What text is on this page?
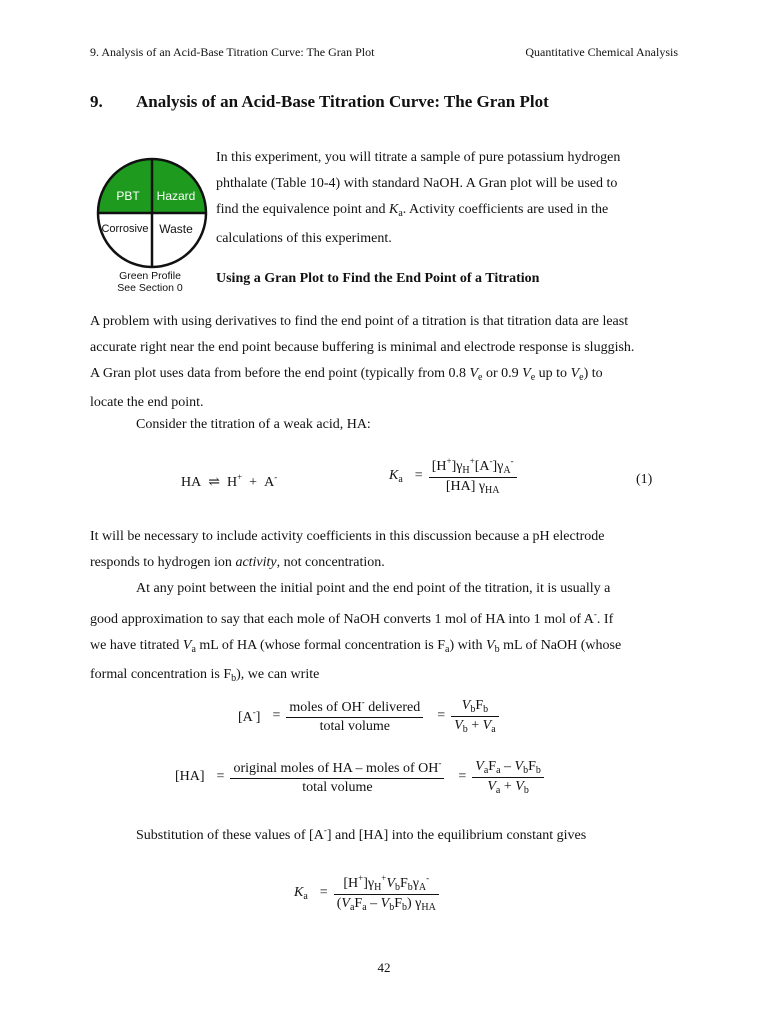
9. Analysis of an Acid-Base Titration Curve: The Gran Plot	Quantitative Chemical Analysis
9. Analysis of an Acid-Base Titration Curve: The Gran Plot
PBT	Hazard
Corrosive Waste
Green Profile
See Section 0
In this experiment, you will titrate a sample of pure potassium hydrogen
phthalate (Table 10-4) with standard NaOH. A Gran plot will be used to
find the equivalence point and $K_a$. Activity coefficients are used in the
calculations of this experiment.
Using a Gran Plot to Find the End Point of a Titration
A problem with using derivatives to find the end point of a titration is that titration data are least
accurate right near the end point because buffering is minimal and electrode response is sluggish.
A Gran plot uses data from before the end point (typically from 0.8 $V_e$ or 0.9 $V_e$ up to $V_e$) to
locate the end point.
Consider the titration of a weak acid, HA:
HA ⇌ H+ + A-	$K_a = \frac{[H^+]\gamma_H^+[A^-]\gamma_A^-}{[HA] \gamma_{HA}}$	(1)
It will be necessary to include activity coefficients in this discussion because a pH electrode
responds to hydrogen ion activity, not concentration.
At any point between the initial point and the end point of the titration, it is usually a
good approximation to say that each mole of NaOH converts 1 mol of HA into 1 mol of A-. If
we have titrated $V_a$ mL of HA (whose formal concentration is $F_a$) with $V_b$ mL of NaOH (whose
formal concentration is $F_b$), we can write
$[A^-] = \frac{moles of OH^- delivered}{\text{total volume}} = \frac{V_bF_b}{V_b + V_a}$
$[HA] = \frac{original moles of HA - moles of OH^-}{\text{total volume}} = \frac{V_aF_a - V_bF_b}{V_a + V_b}$
Substitution of these values of [A-] and [HA] into the equilibrium constant gives
$K_a = \frac{[H^+]\gamma_H^+V_bF_b\gamma_A^-}{(V_aF_a - V_bF_b) \gamma_{HA}}$
42
